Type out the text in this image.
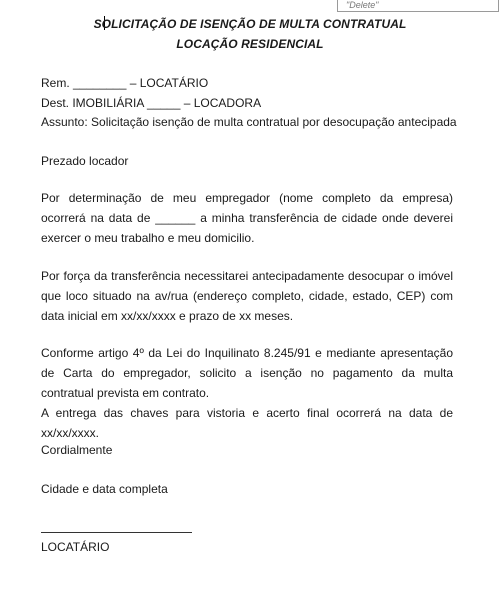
"Delete"
SOLICITAÇÃO DE ISENÇÃO DE MULTA CONTRATUAL
LOCAÇÃO RESIDENCIAL
Rem. ________ – LOCATÁRIO
Dest. IMOBILIÁRIA _____ – LOCADORA
Assunto: Solicitação isenção de multa contratual por desocupação antecipada
Prezado locador
Por determinação de meu empregador (nome completo da empresa) ocorrerá na data de ______ a minha transferência de cidade onde deverei exercer o meu trabalho e meu domicilio.
Por força da transferência necessitarei antecipadamente desocupar o imóvel que loco situado na av/rua (endereço completo, cidade, estado, CEP) com data inicial em xx/xx/xxxx e prazo de xx meses.
Conforme artigo 4º da Lei do Inquilinato 8.245/91 e mediante apresentação de Carta do empregador, solicito a isenção no pagamento da multa contratual prevista em contrato.
A entrega das chaves para vistoria e acerto final ocorrerá na data de xx/xx/xxxx.
Cordialmente
Cidade e data completa
LOCATÁRIO
